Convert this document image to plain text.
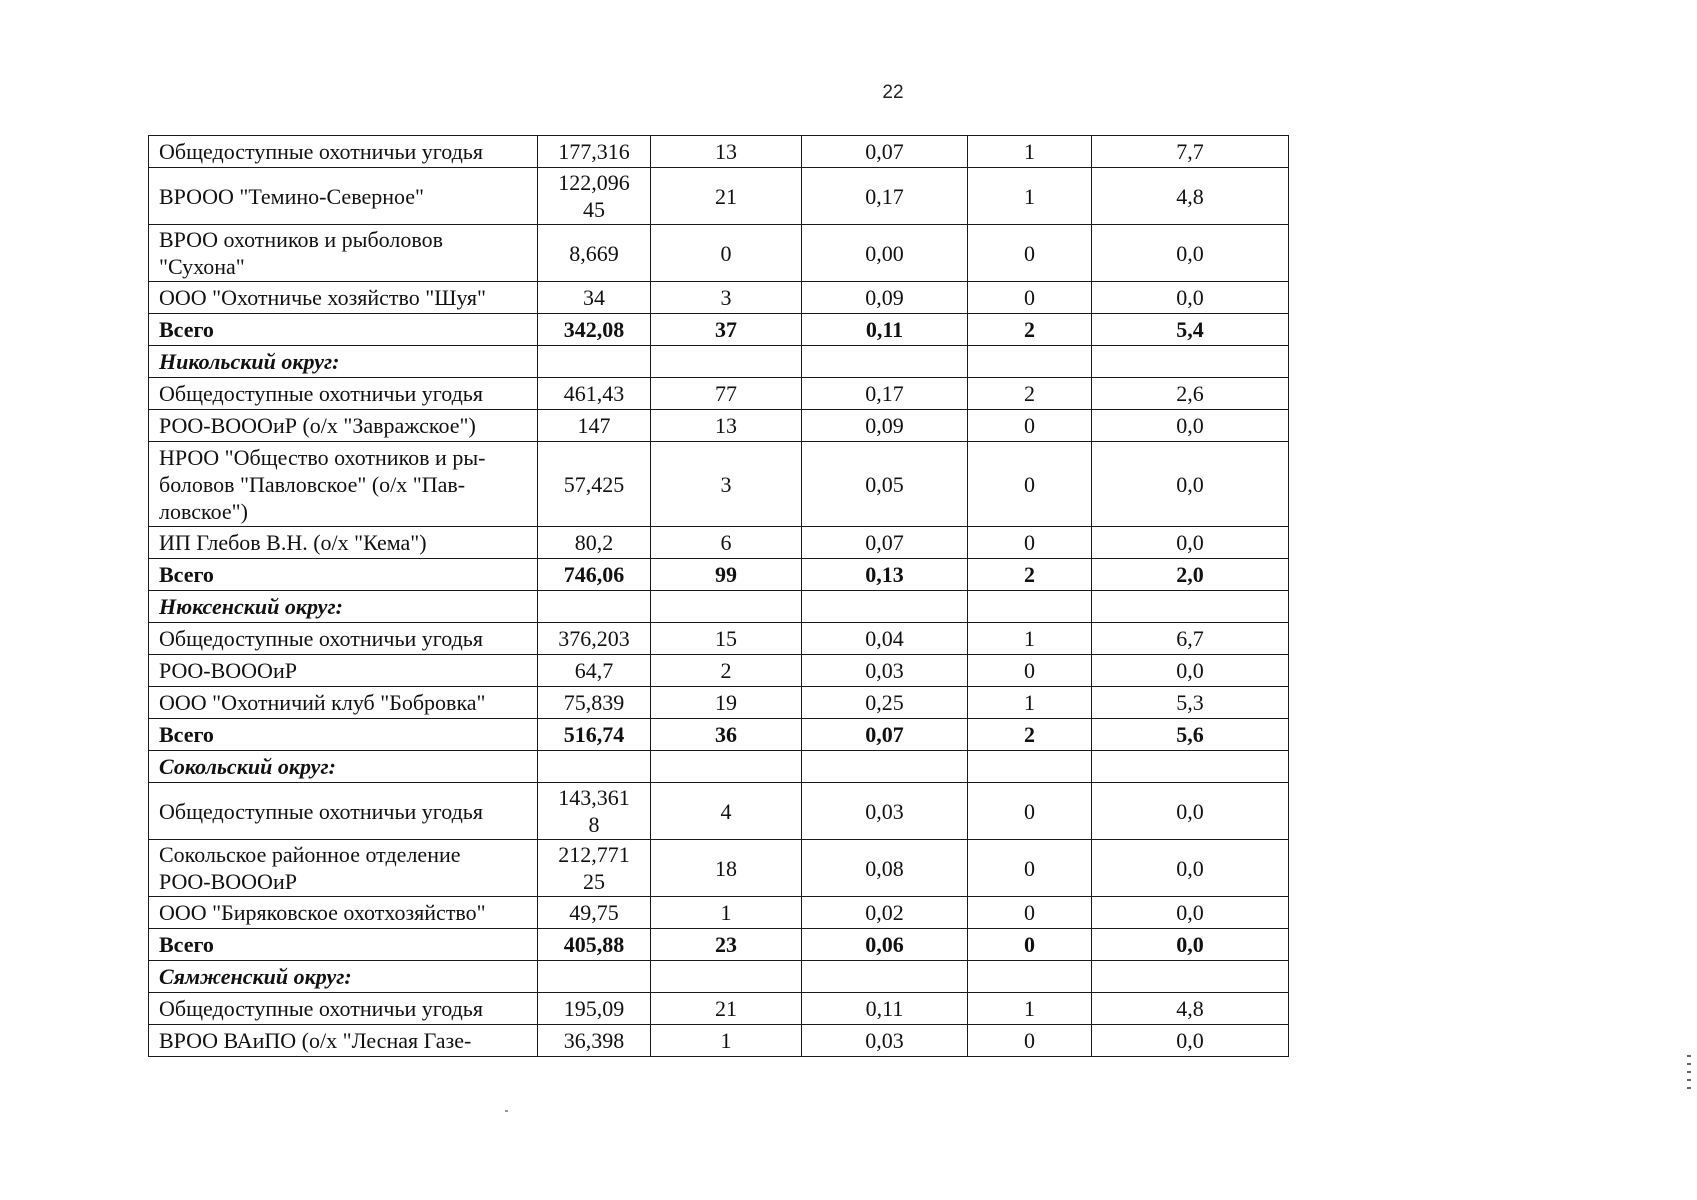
22
Общедоступные охотничьи угодья	177,316	13	0,07	1	7,7
ВРОOO "Темино-Северное"	122,096
45	21	0,17	1	4,8
ВРОО охотников и рыболовов
"Сухона"	8,669	0	0,00	0	0,0
ООО "Охотничье хозяйство "Шуя"	34	3	0,09	0	0,0
Всего	342,08	37	0,11	2	5,4
Никольский округ:					
Общедоступные охотничьи угодья	461,43	77	0,17	2	2,6
РОО-ВОООиР (о/х "Завражское")	147	13	0,09	0	0,0
НРОО "Общество охотников и ры-
боловов "Павловское" (о/х "Пав-
ловское")	57,425	3	0,05	0	0,0
ИП Глебов В.Н. (о/х "Кема")	80,2	6	0,07	0	0,0
Всего	746,06	99	0,13	2	2,0
Нюксенский округ:					
Общедоступные охотничьи угодья	376,203	15	0,04	1	6,7
РОО-ВОООиР	64,7	2	0,03	0	0,0
ООО "Охотничий клуб "Бобровка"	75,839	19	0,25	1	5,3
Всего	516,74	36	0,07	2	5,6
Сокольский округ:					
Общедоступные охотничьи угодья	143,361
8	4	0,03	0	0,0
Сокольское районное отделение
РОО-ВОООиР	212,771
25	18	0,08	0	0,0
ООО "Биряковское охотхозяйство"	49,75	1	0,02	0	0,0
Всего	405,88	23	0,06	0	0,0
Сямженский округ:					
Общедоступные охотничьи угодья	195,09	21	0,11	1	4,8
ВРОО ВАиПО (о/х "Лесная Газе-	36,398	1	0,03	0	0,0
